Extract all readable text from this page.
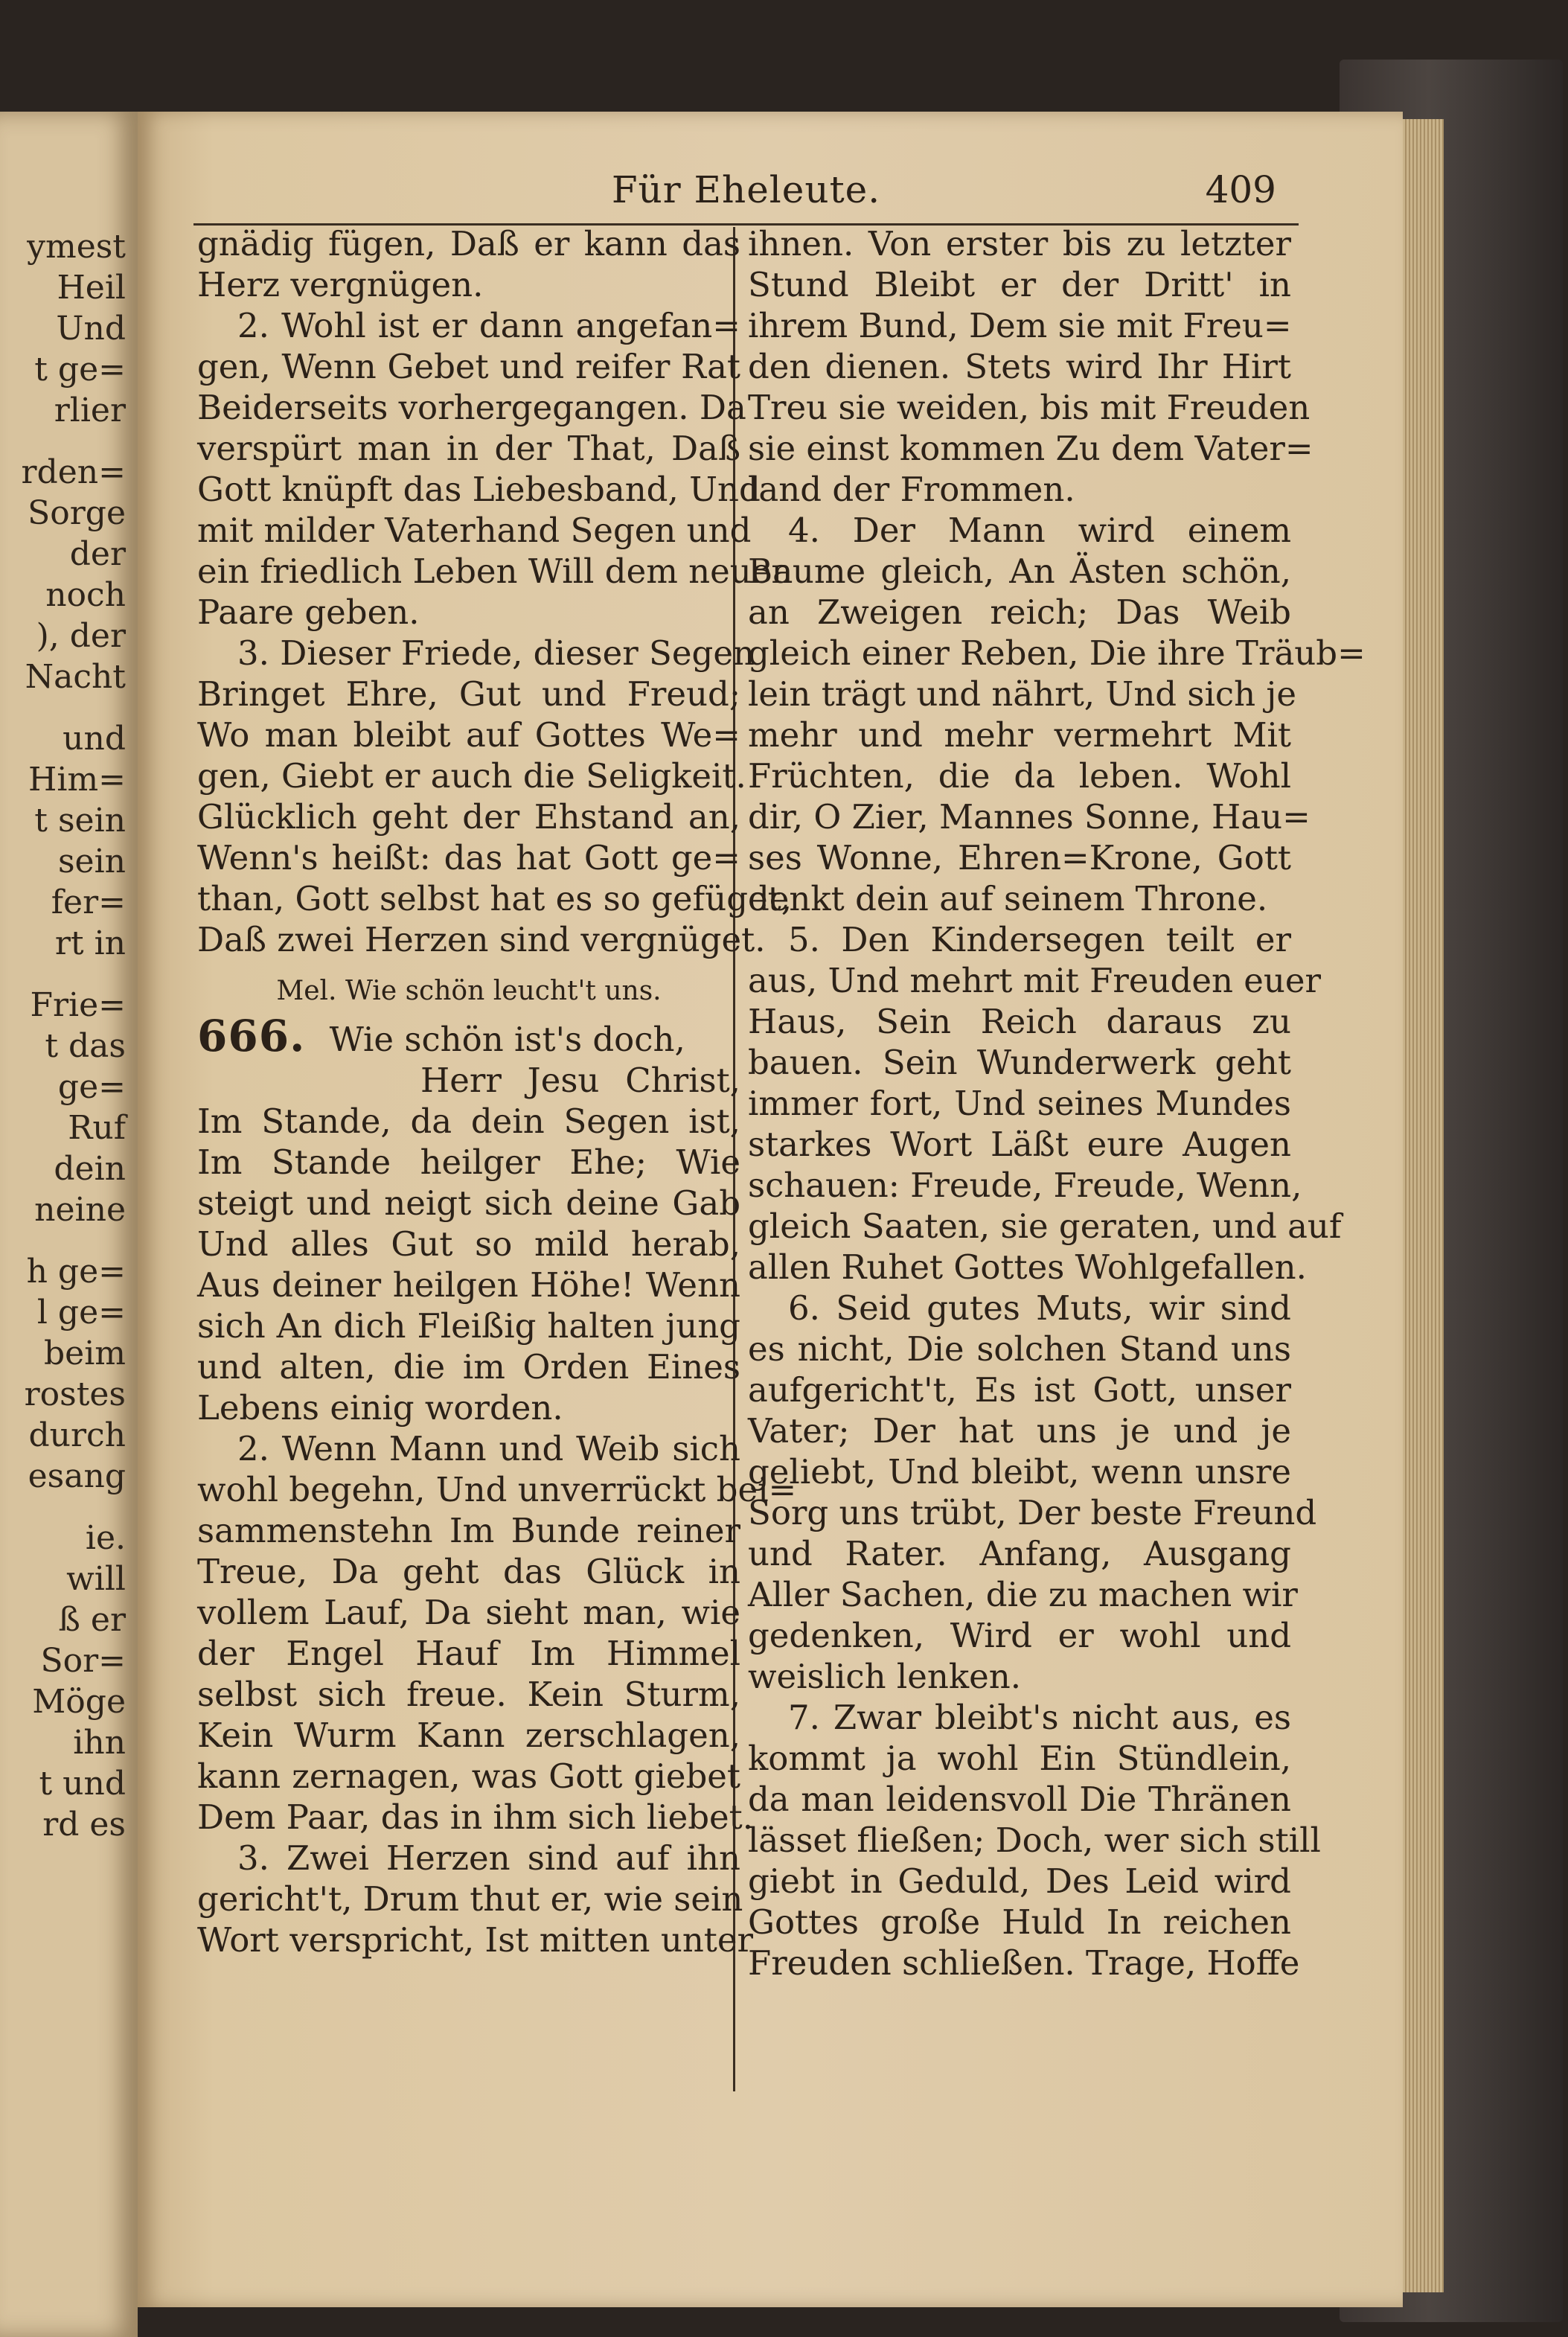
ymest
Heil
Und
t ge=
rlier
rden=
Sorge
der
noch
), der
Nacht
und
Him=
t sein
sein
fer=
rt in
Frie=
t das
ge=
Ruf
dein
neine
h ge=
l ge=
beim
rostes
durch
esang
ie.
will
ß er
Sor=
Möge
ihn
t und
rd es
Für Eheleute.	409
gnädig fügen, Daß er kann das
Herz vergnügen.
2. Wohl ist er dann angefan=
gen, Wenn Gebet und reifer Rat
Beiderseits vorhergegangen. Da
verspürt man in der That, Daß
Gott knüpft das Liebesband, Und
mit milder Vaterhand Segen und
ein friedlich Leben Will dem neuen
Paare geben.
3. Dieser Friede, dieser Segen
Bringet Ehre, Gut und Freud;
Wo man bleibt auf Gottes We=
gen, Giebt er auch die Seligkeit.
Glücklich geht der Ehstand an,
Wenn's heißt: das hat Gott ge=
than, Gott selbst hat es so gefüget,
Daß zwei Herzen sind vergnüget.
Mel. Wie schön leucht't uns.
666. Wie schön ist's doch,
Herr Jesu Christ,
Im Stande, da dein Segen ist,
Im Stande heilger Ehe; Wie
steigt und neigt sich deine Gab
Und alles Gut so mild herab,
Aus deiner heilgen Höhe! Wenn
sich An dich Fleißig halten jung
und alten, die im Orden Eines
Lebens einig worden.
2. Wenn Mann und Weib sich
wohl begehn, Und unverrückt bei=
sammenstehn Im Bunde reiner
Treue, Da geht das Glück in
vollem Lauf, Da sieht man, wie
der Engel Hauf Im Himmel
selbst sich freue. Kein Sturm,
Kein Wurm Kann zerschlagen,
kann zernagen, was Gott giebet
Dem Paar, das in ihm sich liebet.
3. Zwei Herzen sind auf ihn
gericht't, Drum thut er, wie sein
Wort verspricht, Ist mitten unter
ihnen. Von erster bis zu letzter
Stund Bleibt er der Dritt' in
ihrem Bund, Dem sie mit Freu=
den dienen. Stets wird Ihr Hirt
Treu sie weiden, bis mit Freuden
sie einst kommen Zu dem Vater=
land der Frommen.
4. Der Mann wird einem
Baume gleich, An Ästen schön,
an Zweigen reich; Das Weib
gleich einer Reben, Die ihre Träub=
lein trägt und nährt, Und sich je
mehr und mehr vermehrt Mit
Früchten, die da leben. Wohl
dir, O Zier, Mannes Sonne, Hau=
ses Wonne, Ehren=Krone, Gott
denkt dein auf seinem Throne.
5. Den Kindersegen teilt er
aus, Und mehrt mit Freuden euer
Haus, Sein Reich daraus zu
bauen. Sein Wunderwerk geht
immer fort, Und seines Mundes
starkes Wort Läßt eure Augen
schauen: Freude, Freude, Wenn,
gleich Saaten, sie geraten, und auf
allen Ruhet Gottes Wohlgefallen.
6. Seid gutes Muts, wir sind
es nicht, Die solchen Stand uns
aufgericht't, Es ist Gott, unser
Vater; Der hat uns je und je
geliebt, Und bleibt, wenn unsre
Sorg uns trübt, Der beste Freund
und Rater. Anfang, Ausgang
Aller Sachen, die zu machen wir
gedenken, Wird er wohl und
weislich lenken.
7. Zwar bleibt's nicht aus, es
kommt ja wohl Ein Stündlein,
da man leidensvoll Die Thränen
lässet fließen; Doch, wer sich still
giebt in Geduld, Des Leid wird
Gottes große Huld In reichen
Freuden schließen. Trage, Hoffe
